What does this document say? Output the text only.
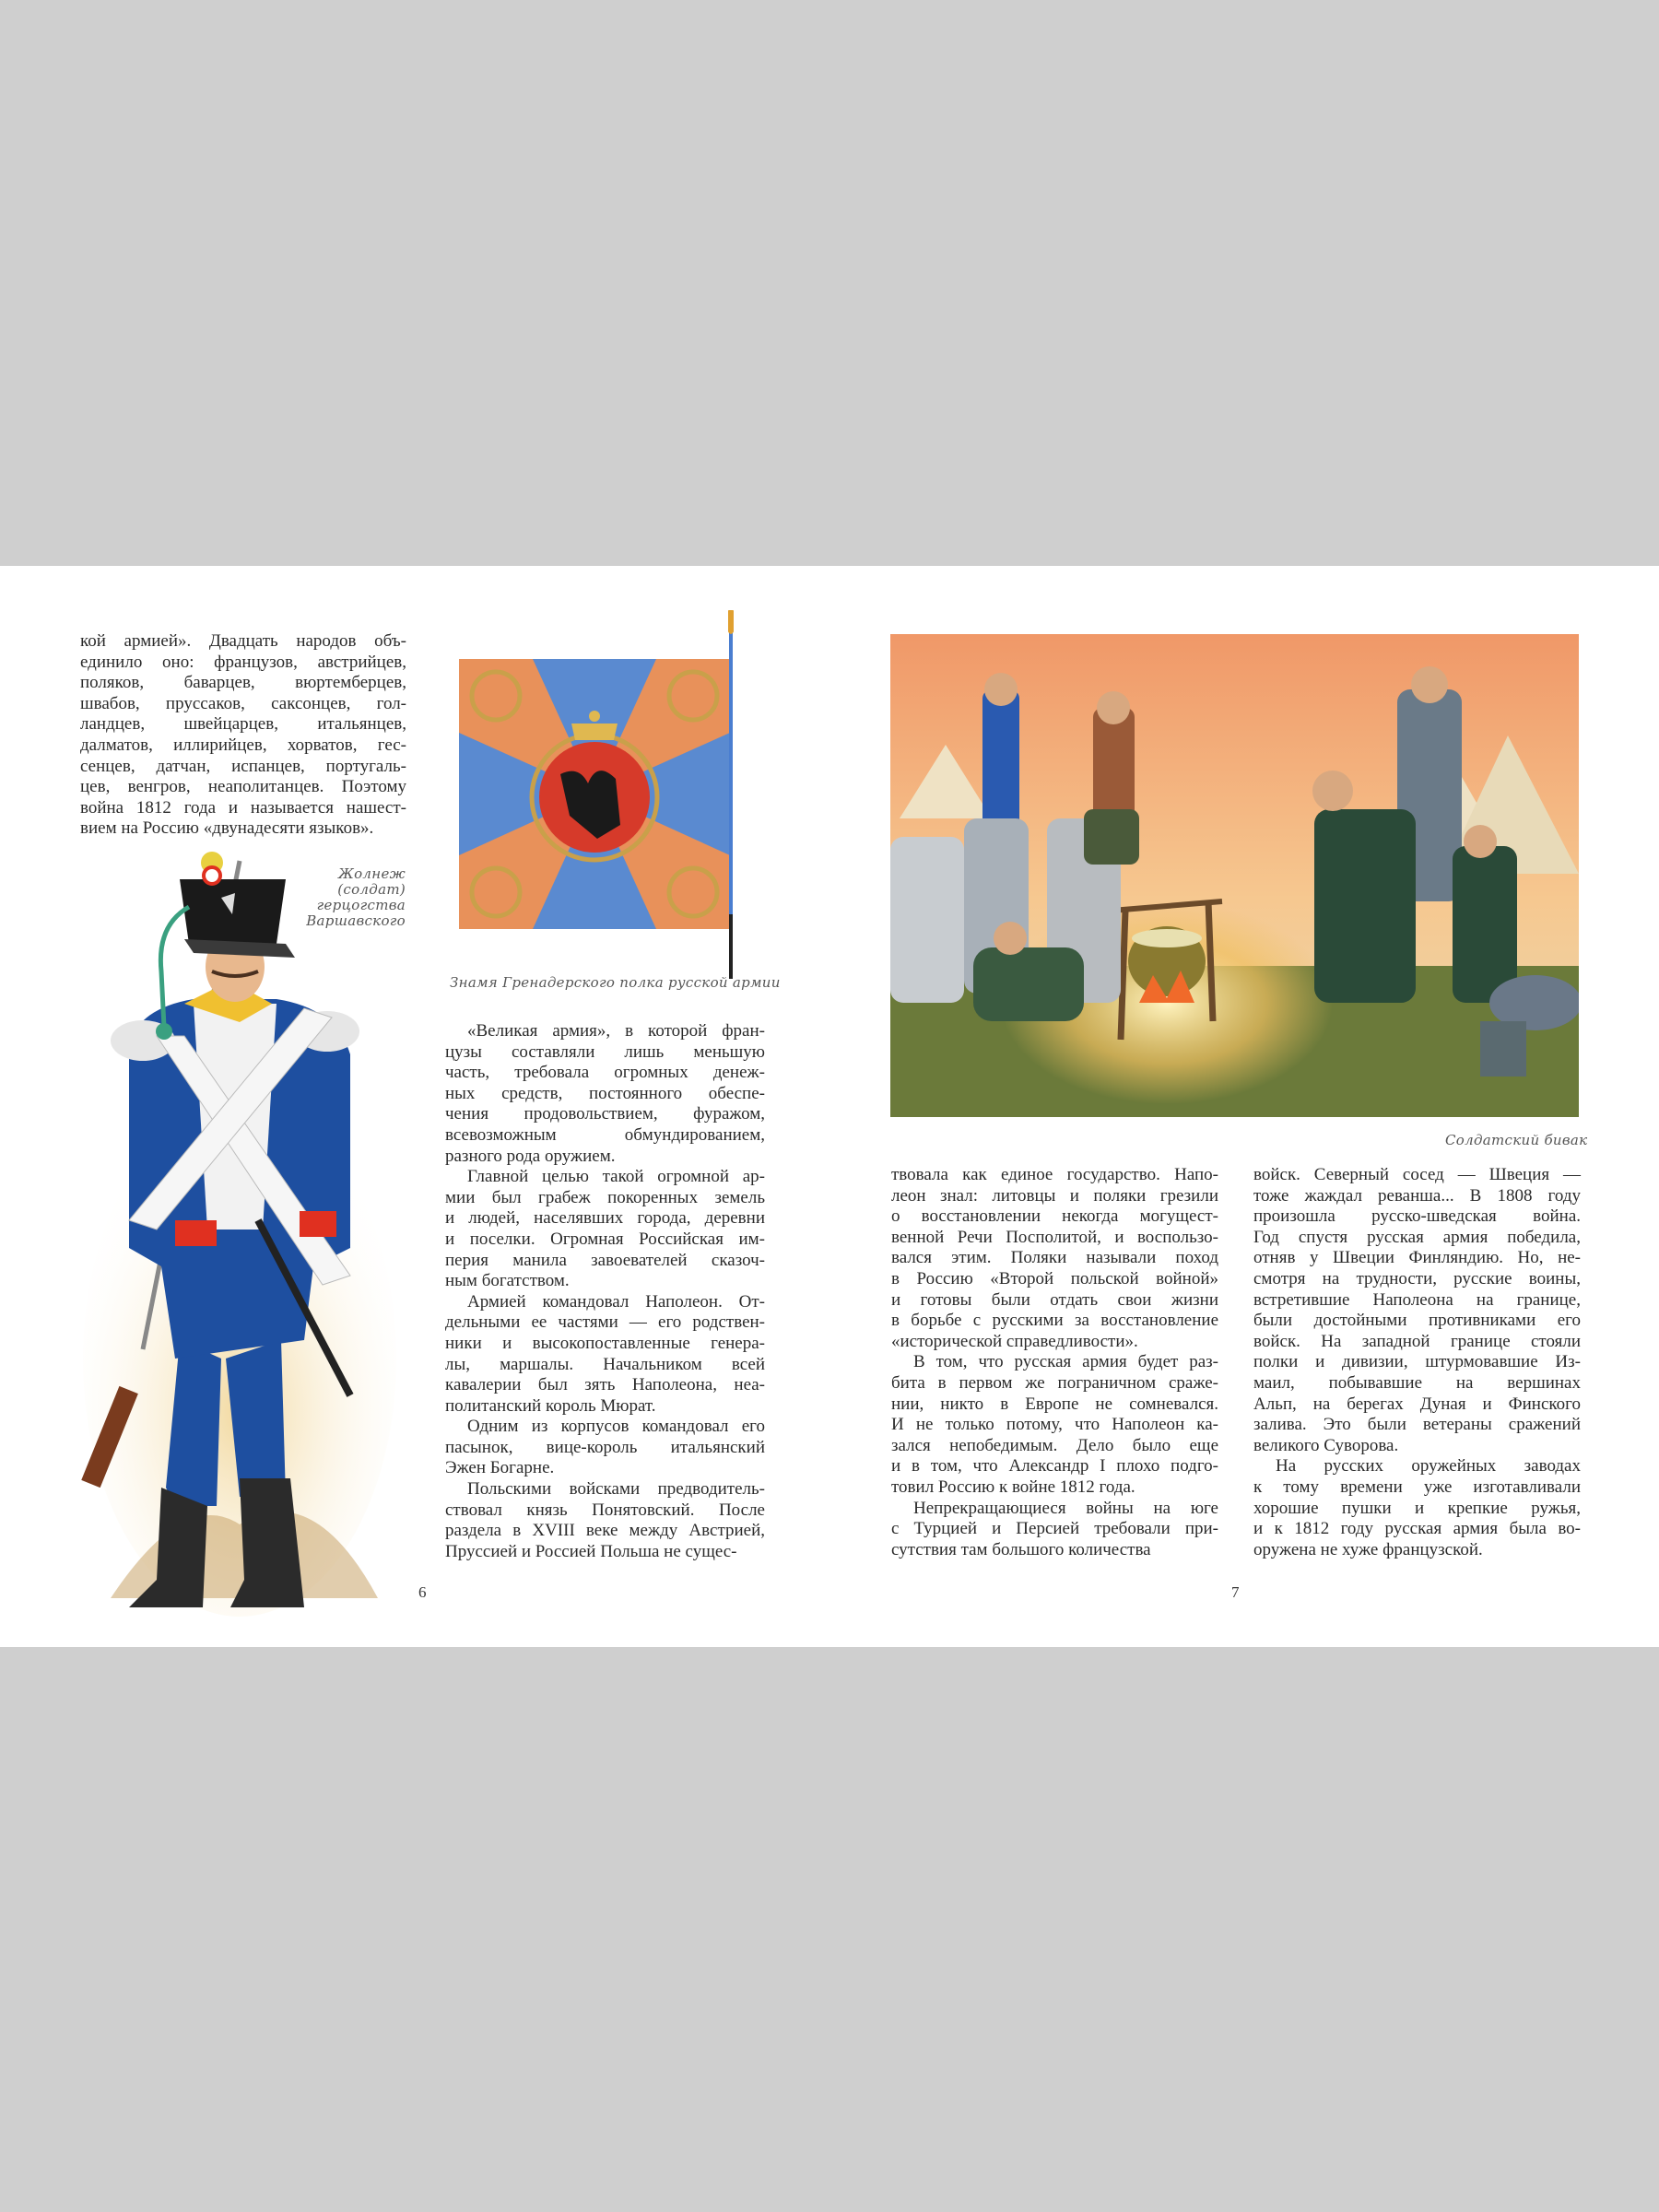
кой армией». Двадцать народов объ-
единило оно: французов, австрийцев,
поляков, баварцев, вюртемберцев,
швабов, пруссаков, саксонцев, гол-
ландцев, швейцарцев, итальянцев,
далматов, иллирийцев, хорватов, гес-
сенцев, датчан, испанцев, португаль-
цев, венгров, неаполитанцев. Поэтому
война 1812 года и называется нашест-
вием на Россию «двунадесяти языков».
Жолнеж
(солдат)
герцогства
Варшавского
Знамя Гренадерского полка русской армии
«Великая армия», в которой фран-
цузы составляли лишь меньшую
часть, требовала огромных денеж-
ных средств, постоянного обеспе-
чения продовольствием, фуражом,
всевозможным обмундированием,
разного рода оружием.
Главной целью такой огромной ар-
мии был грабеж покоренных земель
и людей, населявших города, деревни
и поселки. Огромная Российская им-
перия манила завоевателей сказоч-
ным богатством.
Армией командовал Наполеон. От-
дельными ее частями — его родствен-
ники и высокопоставленные генера-
лы, маршалы. Начальником всей
кавалерии был зять Наполеона, неа-
политанский король Мюрат.
Одним из корпусов командовал его
пасынок, вице-король итальянский
Эжен Богарне.
Польскими войсками предводитель-
ствовал князь Понятовский. После
раздела в XVIII веке между Австрией,
Пруссией и Россией Польша не сущес-
6
Солдатский бивак
твовала как единое государство. Напо-
леон знал: литовцы и поляки грезили
о восстановлении некогда могущест-
венной Речи Посполитой, и воспользо-
вался этим. Поляки называли поход
в Россию «Второй польской войной»
и готовы были отдать свои жизни
в борьбе с русскими за восстановление
«исторической справедливости».
В том, что русская армия будет раз-
бита в первом же пограничном сраже-
нии, никто в Европе не сомневался.
И не только потому, что Наполеон ка-
зался непобедимым. Дело было еще
и в том, что Александр I плохо подго-
товил Россию к войне 1812 года.
Непрекращающиеся войны на юге
с Турцией и Персией требовали при-
сутствия там большого количества
войск. Северный сосед — Швеция —
тоже жаждал реванша... В 1808 году
произошла русско-шведская война.
Год спустя русская армия победила,
отняв у Швеции Финляндию. Но, не-
смотря на трудности, русские воины,
встретившие Наполеона на границе,
были достойными противниками его
войск. На западной границе стояли
полки и дивизии, штурмовавшие Из-
маил, побывавшие на вершинах
Альп, на берегах Дуная и Финского
залива. Это были ветераны сражений
великого Суворова.
На русских оружейных заводах
к тому времени уже изготавливали
хорошие пушки и крепкие ружья,
и к 1812 году русская армия была во-
оружена не хуже французской.
7
